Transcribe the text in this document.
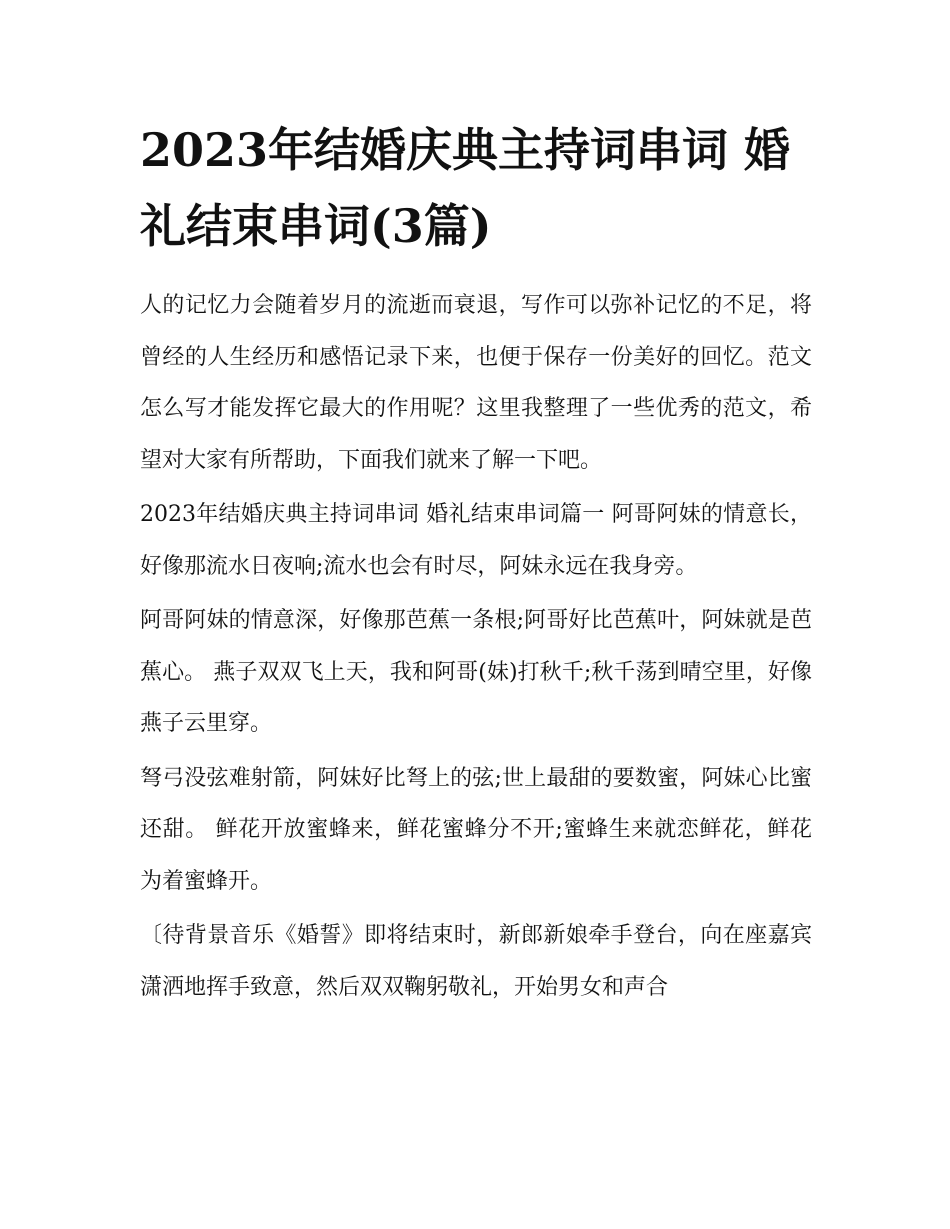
2023年结婚庆典主持词串词 婚礼结束串词(3篇)

人的记忆力会随着岁月的流逝而衰退，写作可以弥补记忆的不足，将曾经的人生经历和感悟记录下来，也便于保存一份美好的回忆。范文怎么写才能发挥它最大的作用呢？这里我整理了一些优秀的范文，希望对大家有所帮助，下面我们就来了解一下吧。

2023年结婚庆典主持词串词 婚礼结束串词篇一 阿哥阿妹的情意长，好像那流水日夜响;流水也会有时尽，阿妹永远在我身旁。

阿哥阿妹的情意深，好像那芭蕉一条根;阿哥好比芭蕉叶，阿妹就是芭蕉心。 燕子双双飞上天，我和阿哥(妹)打秋千;秋千荡到晴空里，好像燕子云里穿。

弩弓没弦难射箭，阿妹好比弩上的弦;世上最甜的要数蜜，阿妹心比蜜还甜。 鲜花开放蜜蜂来，鲜花蜜蜂分不开;蜜蜂生来就恋鲜花，鲜花为着蜜蜂开。

〔待背景音乐《婚誓》即将结束时，新郎新娘牵手登台，向在座嘉宾潇洒地挥手致意，然后双双鞠躬敬礼，开始男女和声合
